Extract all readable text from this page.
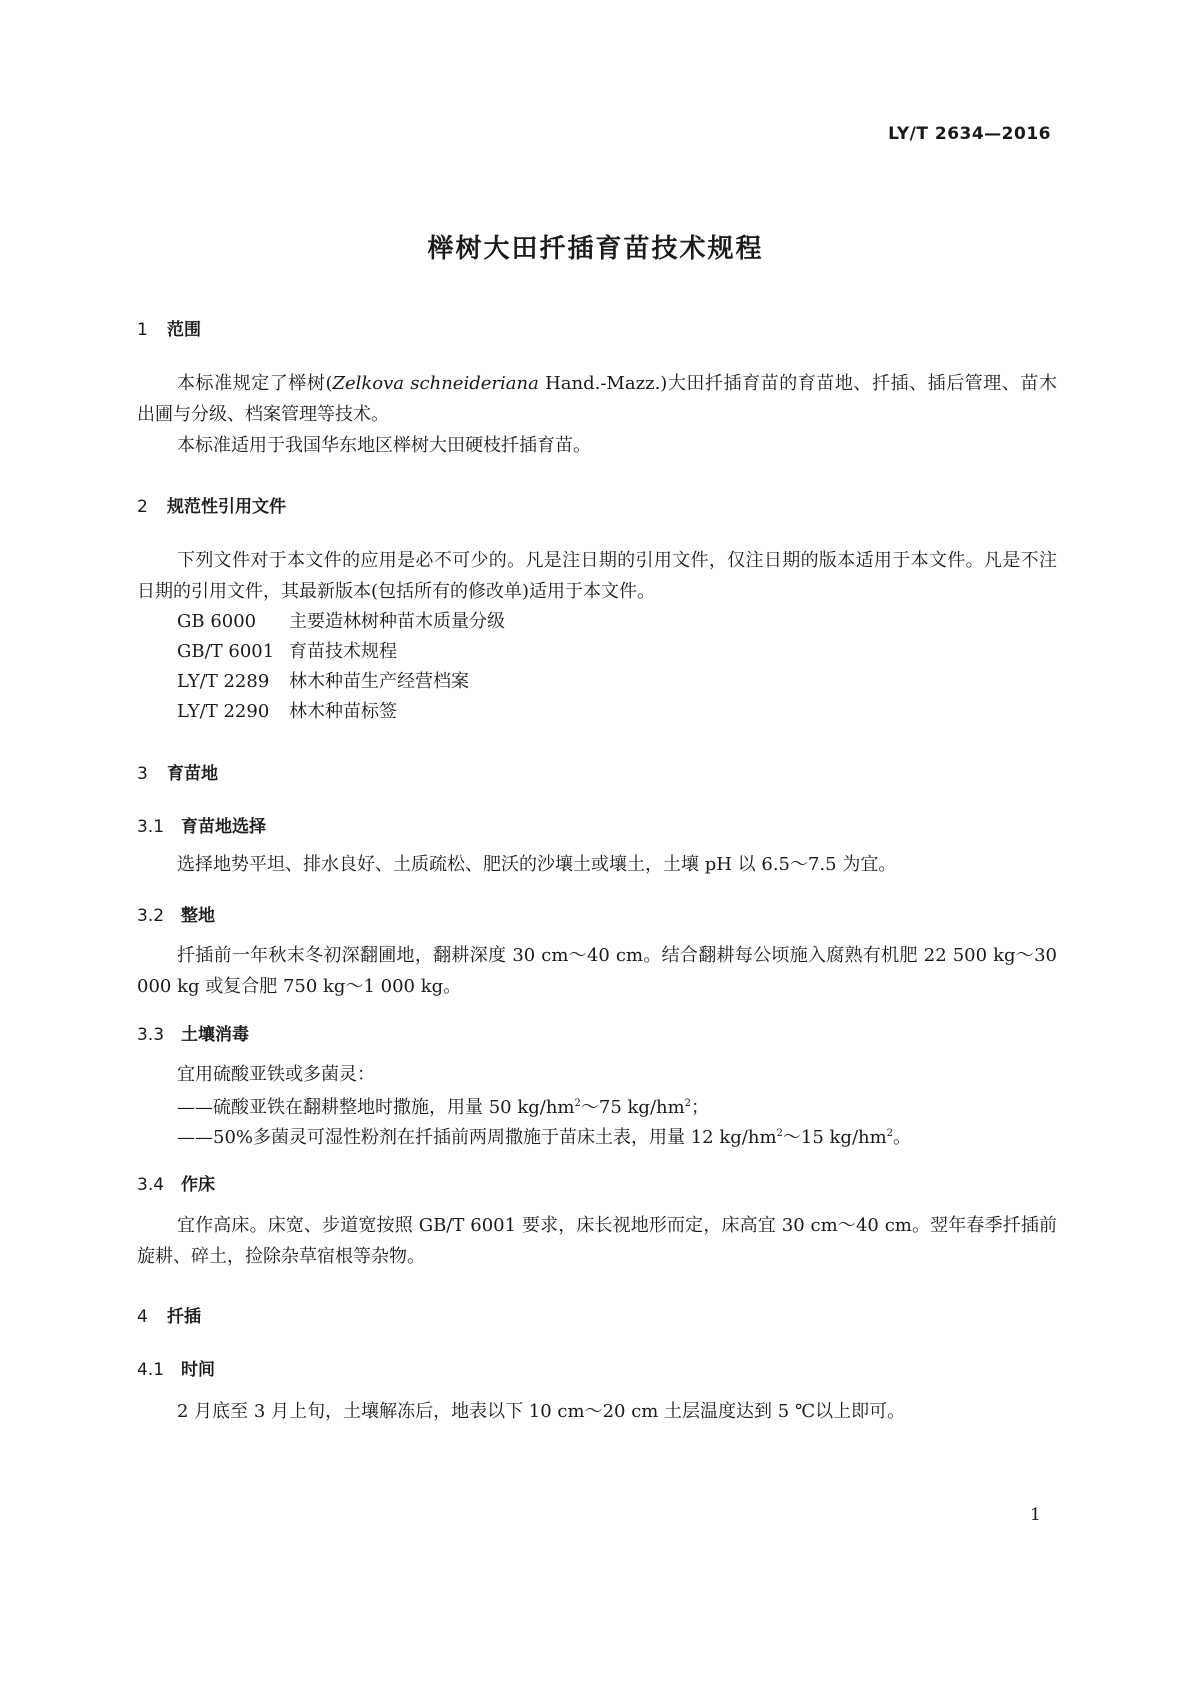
LY/T 2634—2016
榉树大田扦插育苗技术规程
1 范围

本标准规定了榉树(Zelkova schneideriana Hand.-Mazz.)大田扦插育苗的育苗地、扦插、插后管理、苗木出圃与分级、档案管理等技术。

本标准适用于我国华东地区榉树大田硬枝扦插育苗。

2 规范性引用文件

下列文件对于本文件的应用是必不可少的。凡是注日期的引用文件，仅注日期的版本适用于本文件。凡是不注日期的引用文件，其最新版本(包括所有的修改单)适用于本文件。

GB 6000 主要造林树种苗木质量分级

GB/T 6001 育苗技术规程

LY/T 2289 林木种苗生产经营档案

LY/T 2290 林木种苗标签

3 育苗地
3.1 育苗地选择

选择地势平坦、排水良好、土质疏松、肥沃的沙壤土或壤土，土壤 pH 以 6.5～7.5 为宜。

3.2 整地

扦插前一年秋末冬初深翻圃地，翻耕深度 30 cm～40 cm。结合翻耕每公顷施入腐熟有机肥 22 500 kg～30 000 kg 或复合肥 750 kg～1 000 kg。

3.3 土壤消毒

宜用硫酸亚铁或多菌灵：

——硫酸亚铁在翻耕整地时撒施，用量 50 $kg/hm^2\sim 75$ $kg/hm^2$；

——50%多菌灵可湿性粉剂在扦插前两周撒施于苗床土表，用量 12 $kg/hm^2\sim 15$ $kg/hm^2$。

3.4 作床

宜作高床。床宽、步道宽按照 GB/T 6001 要求，床长视地形而定，床高宜 30 cm～40 cm。翌年春季扦插前旋耕、碎土，捡除杂草宿根等杂物。

4 扦插
4.1 时间

2 月底至 3 月上旬，土壤解冻后，地表以下 10 cm～20 cm 土层温度达到 5 ℃以上即可。

1
